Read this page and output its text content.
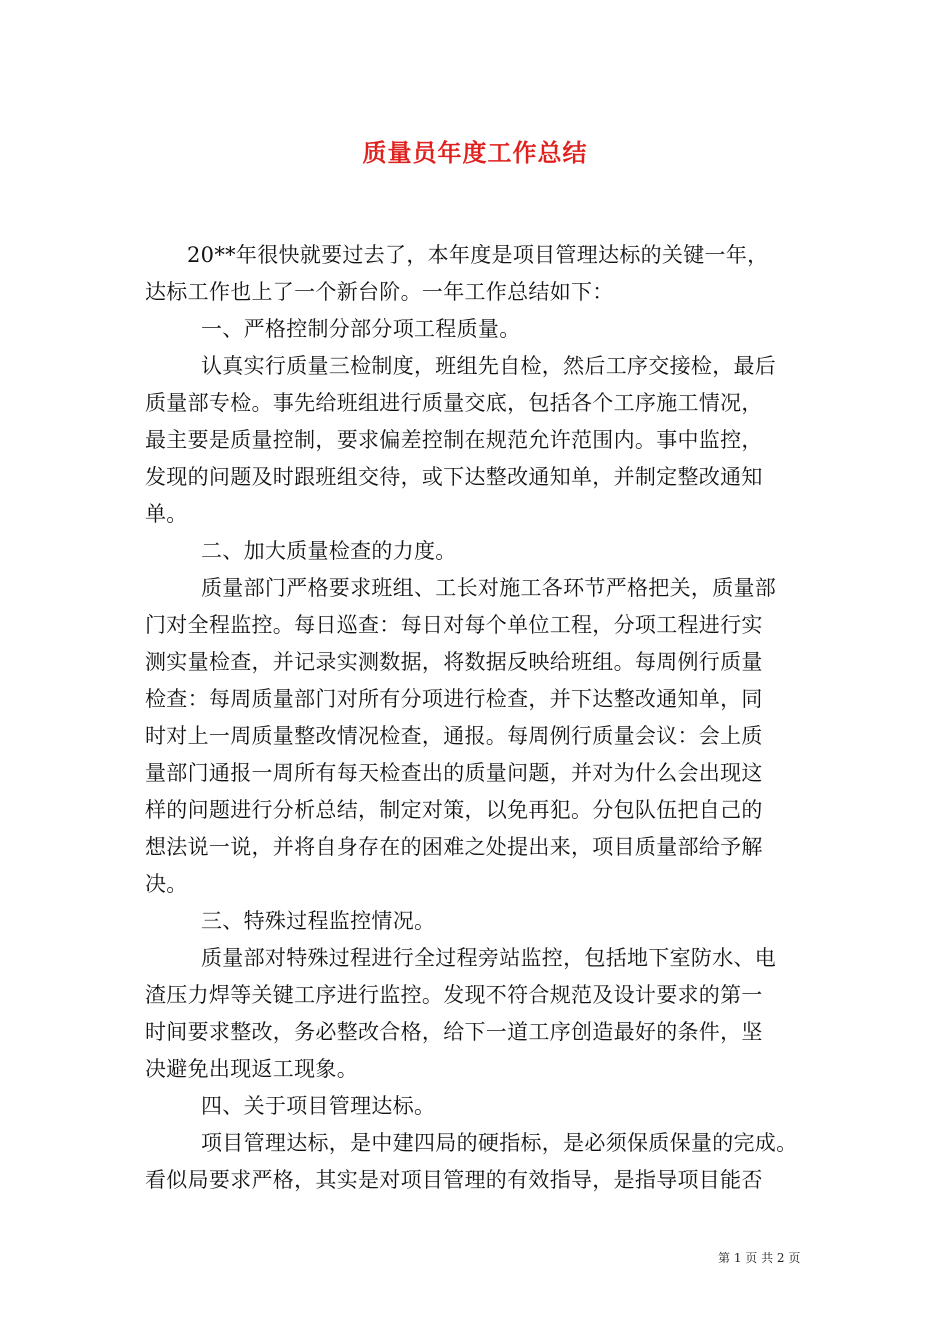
质量员年度工作总结
20**年很快就要过去了，本年度是项目管理达标的关键一年，
达标工作也上了一个新台阶。一年工作总结如下：
一、严格控制分部分项工程质量。
认真实行质量三检制度，班组先自检，然后工序交接检，最后
质量部专检。事先给班组进行质量交底，包括各个工序施工情况，
最主要是质量控制，要求偏差控制在规范允许范围内。事中监控，
发现的问题及时跟班组交待，或下达整改通知单，并制定整改通知
单。
二、加大质量检查的力度。
质量部门严格要求班组、工长对施工各环节严格把关，质量部
门对全程监控。每日巡查：每日对每个单位工程，分项工程进行实
测实量检查，并记录实测数据，将数据反映给班组。每周例行质量
检查：每周质量部门对所有分项进行检查，并下达整改通知单，同
时对上一周质量整改情况检查，通报。每周例行质量会议：会上质
量部门通报一周所有每天检查出的质量问题，并对为什么会出现这
样的问题进行分析总结，制定对策，以免再犯。分包队伍把自己的
想法说一说，并将自身存在的困难之处提出来，项目质量部给予解
决。
三、特殊过程监控情况。
质量部对特殊过程进行全过程旁站监控，包括地下室防水、电
渣压力焊等关键工序进行监控。发现不符合规范及设计要求的第一
时间要求整改，务必整改合格，给下一道工序创造最好的条件，坚
决避免出现返工现象。
四、关于项目管理达标。
项目管理达标，是中建四局的硬指标，是必须保质保量的完成。
看似局要求严格，其实是对项目管理的有效指导，是指导项目能否
第 1 页 共 2 页
